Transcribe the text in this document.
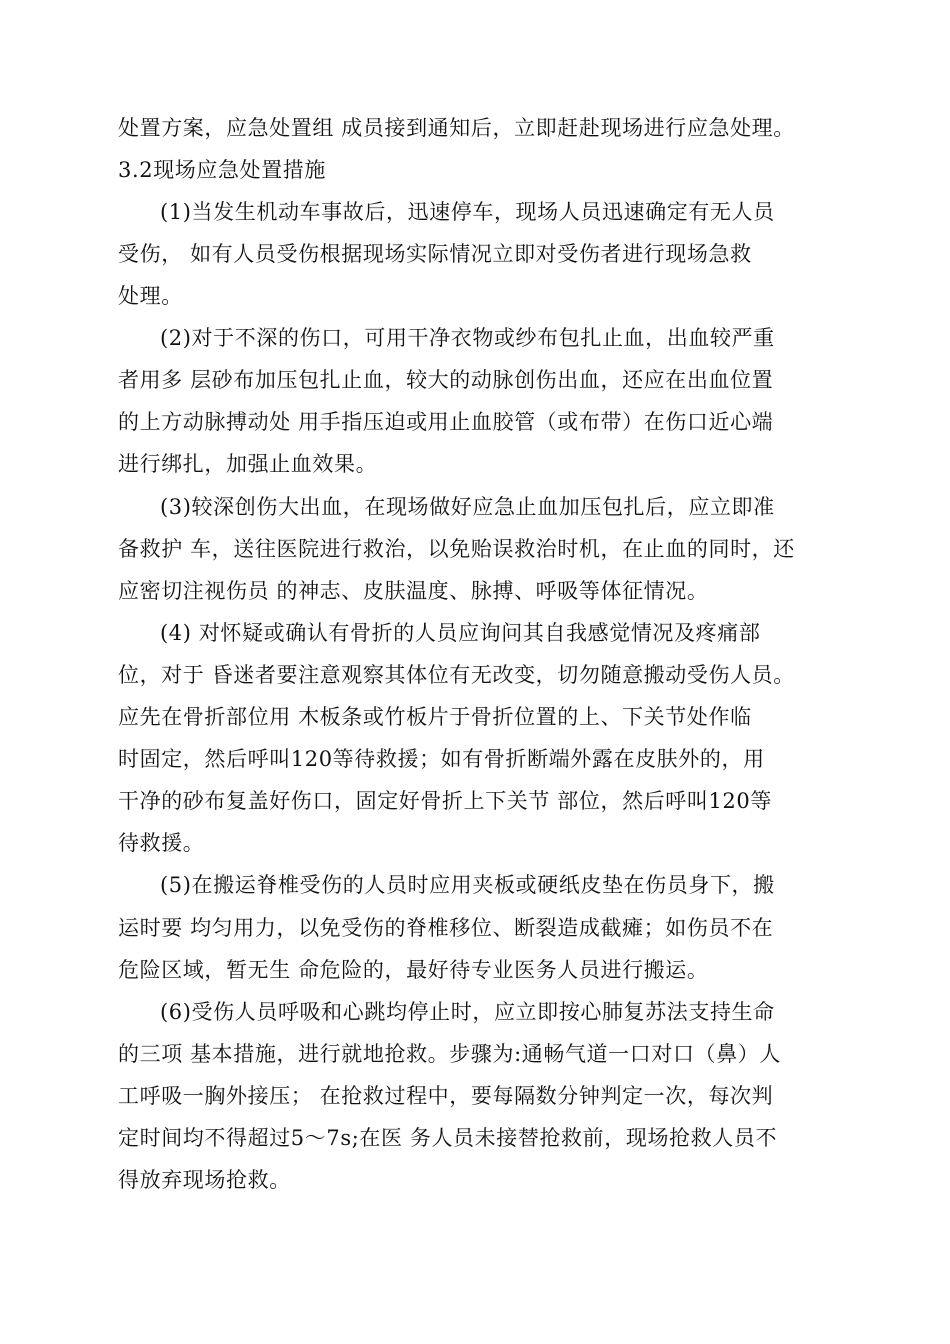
处置方案，应急处置组 成员接到通知后，立即赶赴现场进行应急处理。
3.2现场应急处置措施
(1)当发生机动车事故后，迅速停车，现场人员迅速确定有无人员
受伤， 如有人员受伤根据现场实际情况立即对受伤者进行现场急救
处理。
(2)对于不深的伤口，可用干净衣物或纱布包扎止血，出血较严重
者用多 层砂布加压包扎止血，较大的动脉创伤出血，还应在出血位置
的上方动脉搏动处 用手指压迫或用止血胶管（或布带）在伤口近心端
进行绑扎，加强止血效果。
(3)较深创伤大出血，在现场做好应急止血加压包扎后，应立即准
备救护 车，送往医院进行救治，以免贻误救治时机，在止血的同时，还
应密切注视伤员 的神志、皮肤温度、脉搏、呼吸等体征情况。
(4) 对怀疑或确认有骨折的人员应询问其自我感觉情况及疼痛部
位，对于 昏迷者要注意观察其体位有无改变，切勿随意搬动受伤人员。
应先在骨折部位用 木板条或竹板片于骨折位置的上、下关节处作临
时固定，然后呼叫120等待救援；如有骨折断端外露在皮肤外的，用
干净的砂布复盖好伤口，固定好骨折上下关节 部位，然后呼叫120等
待救援。
(5)在搬运脊椎受伤的人员时应用夹板或硬纸皮垫在伤员身下，搬
运时要 均匀用力，以免受伤的脊椎移位、断裂造成截瘫；如伤员不在
危险区域，暂无生 命危险的，最好待专业医务人员进行搬运。
(6)受伤人员呼吸和心跳均停止时，应立即按心肺复苏法支持生命
的三项 基本措施，进行就地抢救。步骤为:通畅气道一口对口（鼻）人
工呼吸一胸外接压； 在抢救过程中，要每隔数分钟判定一次，每次判
定时间均不得超过5〜7s;在医 务人员未接替抢救前，现场抢救人员不
得放弃现场抢救。
